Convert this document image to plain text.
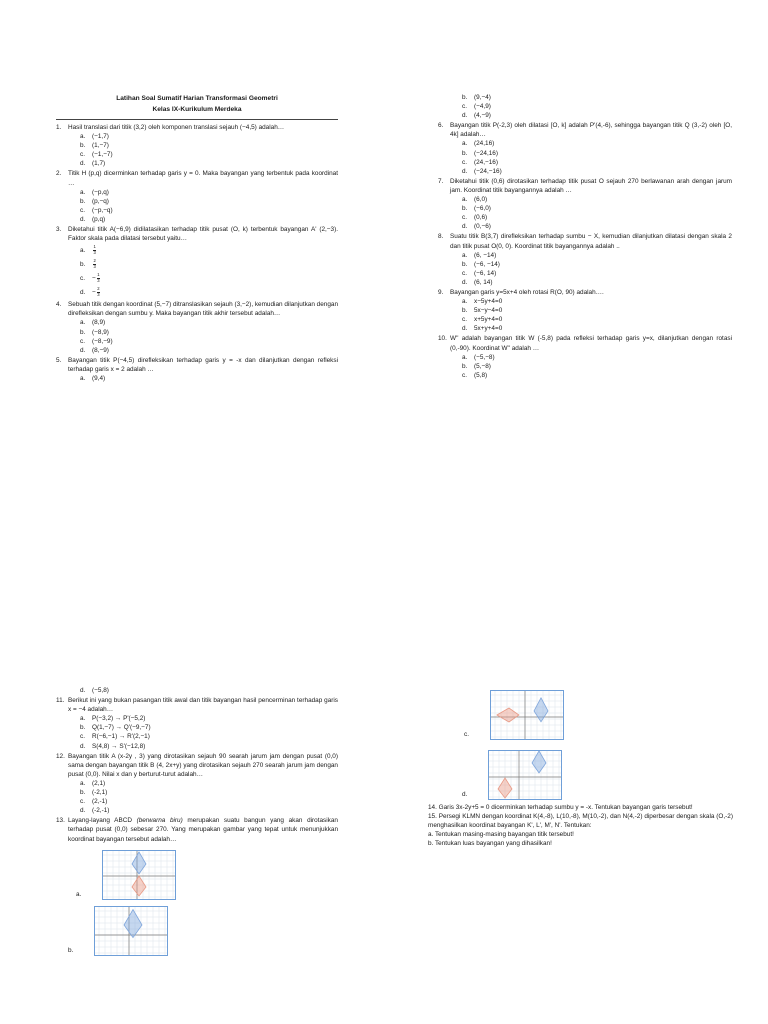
Latihan Soal Sumatif Harian Transformasi Geometri
Kelas IX-Kurikulum Merdeka
1.	Hasil translasi dari titik (3,2) oleh komponen translasi sejauh (−4,5) adalah…
a.	(−1,7)
b.	(1,−7)
c.	(−1,−7)
d.	(1,7)
2.	Titik H (p,q) dicerminkan terhadap garis y = 0. Maka bayangan yang terbentuk pada koordinat …
a.	(−p,q)
b.	(p,−q)
c.	(−p,−q)
d.	(p,q)
3.	Diketahui titik A(−6,9) didilatasikan terhadap titik pusat (O, k) terbentuk bayangan A' (2,−3). Faktor skala pada dilatasi tersebut yaitu…
a.	$\frac{1}{3}$
b.	$\frac{2}{3}$
c.	− $\frac{1}{3}$
d.	− $\frac{2}{3}$
4.	Sebuah titik dengan koordinat (5,−7) ditranslasikan sejauh (3,−2), kemudian dilanjutkan dengan direfleksikan dengan sumbu y. Maka bayangan titik akhir tersebut adalah…
a.	(8,9)
b.	(−8,9)
c.	(−8,−9)
d.	(8,−9)
5.	Bayangan titik P(−4,5) direfleksikan terhadap garis y = -x dan dilanjutkan dengan refleksi terhadap garis x = 2 adalah …
a.	(9,4)
b.	(9,−4)
c.	(−4,9)
d.	(4,−9)
6.	Bayangan titik P(-2,3) oleh dilatasi [O, k] adalah P'(4,-6), sehingga bayangan titik Q (3,-2) oleh [O, 4k] adalah…
a.	(24,16)
b.	(−24,16)
c.	(24,−16)
d.	(−24,−16)
7.	Diketahui titik (0,6) dirotasikan terhadap titik pusat O sejauh 270 berlawanan arah dengan jarum jam. Koordinat titik bayangannya adalah …
a.	(6,0)
b.	(−6,0)
c.	(0,6)
d.	(0,−6)
8.	Suatu titik B(3,7) direfleksikan terhadap sumbu − X, kemudian dilanjutkan dilatasi dengan skala 2 dan titik pusat O(0, 0). Koordinat titik bayangannya adalah ..
a.	(6, −14)
b.	(−6, −14)
c.	(−6, 14)
d.	(6, 14)
9.	Bayangan garis y=5x+4 oleh rotasi R(O, 90) adalah….
a.	x−5y+4=0
b.	5x−y−4=0
c.	x+5y+4=0
d.	5x+y+4=0
10. W'' adalah bayangan titik W (-5,8) pada refleksi terhadap garis y=x, dilanjutkan dengan rotasi (0,-90). Koordinat W'' adalah …
a.	(−5,−8)
b.	(5,−8)
c.	(5,8)
d.	(−5,8)
11. Berikut ini yang bukan pasangan titik awal dan titik bayangan hasil pencerminan terhadap garis x = −4 adalah…
a.	P(−3,2) → P'(−5,2)
b.	Q(1,−7) → Q'(−9,−7)
c.	R(−6,−1) → R'(2,−1)
d.	S(4,8) → S'(−12,8)
12. Bayangan titik A (x-2y , 3) yang dirotasikan sejauh 90 searah jarum jam dengan pusat (0,0) sama dengan bayangan titik B (4, 2x+y) yang dirotasikan sejauh 270 searah jarum jam dengan pusat (0,0). Nilai x dan y berturut-turut adalah…
a.	(2,1)
b.	(-2,1)
c.	(2,-1)
d.	(-2,-1)
13. Layang-layang ABCD (berwarna biru) merupakan suatu bangun yang akan dirotasikan terhadap pusat (0,0) sebesar 270. Yang merupakan gambar yang tepat untuk menunjukkan koordinat bayangan tersebut adalah…
a.
b.
c.
d.
14. Garis 3x-2y+5 = 0 dicerminkan terhadap sumbu y = -x. Tentukan bayangan garis tersebut!
15. Persegi KLMN dengan koordinat K(4,-8), L(10,-8), M(10,-2), dan N(4,-2) diperbesar dengan skala (O,-2) menghasilkan koordinat bayangan K', L', M', N'. Tentukan:
a. Tentukan masing-masing bayangan titik tersebut!
b. Tentukan luas bayangan yang dihasilkan!
